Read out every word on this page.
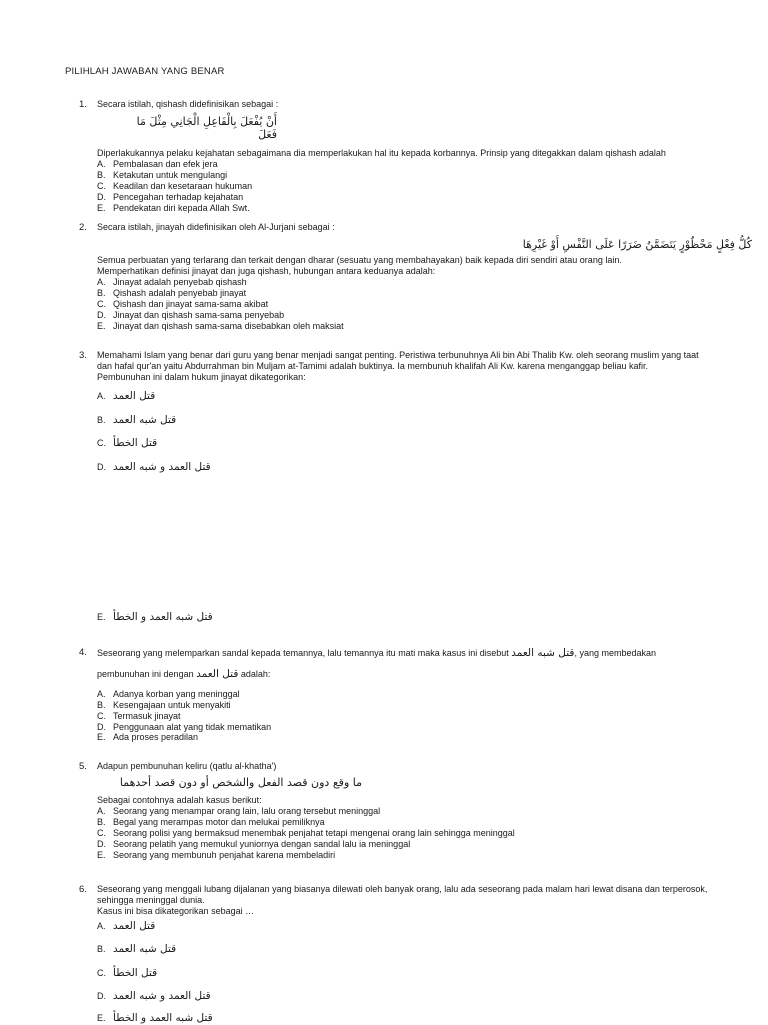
PILIHLAH JAWABAN YANG BENAR
1. Secara istilah, qishash didefinisikan sebagai :
أَنْ يُفْعَلَ بِالْفَاعِلِ الْجَانِي مِثْلَ مَا فَعَلَ
Diperlakukannya pelaku kejahatan sebagaimana dia memperlakukan hal itu kepada korbannya. Prinsip yang ditegakkan dalam qishash adalah
A. Pembalasan dan efek jera
B. Ketakutan untuk mengulangi
C. Keadilan dan kesetaraan hukuman
D. Pencegahan terhadap kejahatan
E. Pendekatan diri kepada Allah Swt.
2. Secara istilah, jinayah didefinisikan oleh Al-Jurjani sebagai :
كُلُّ فِعْلٍ مَحْظُوْرٍ يَتَضَمَّنُ ضَرَرًا عَلَى النَّفْسِ أَوْ غَيْرِهَا
Semua perbuatan yang terlarang dan terkait dengan dharar (sesuatu yang membahayakan) baik kepada diri sendiri atau orang lain.
Memperhatikan definisi jinayat dan juga qishash, hubungan antara keduanya adalah:
A. Jinayat adalah penyebab qishash
B. Qishash adalah penyebab jinayat
C. Qishash dan jinayat sama-sama akibat
D. Jinayat dan qishash sama-sama penyebab
E. Jinayat dan qishash sama-sama disebabkan oleh maksiat
3. Memahami Islam yang benar dari guru yang benar menjadi sangat penting. Peristiwa terbunuhnya Ali bin Abi Thalib Kw. oleh seorang muslim yang taat
dan hafal qur'an yaitu Abdurrahman bin Muljam at-Tamimi adalah buktinya. Ia membunuh khalifah Ali Kw. karena menganggap beliau kafir.
Pembunuhan ini dalam hukum jinayat dikategorikan:
A. قتل العمد
B. قتل شبه العمد
C. قتل الخطأ
D. قتل العمد و شبه العمد
E. قتل شبه العمد و الخطأ
4. Seseorang yang melemparkan sandal kepada temannya, lalu temannya itu mati maka kasus ini disebut قتل شبه العمد, yang membedakan
pembunuhan ini dengan قتل العمد adalah:
A. Adanya korban yang meninggal
B. Kesengajaan untuk menyakiti
C. Termasuk jinayat
D. Penggunaan alat yang tidak mematikan
E. Ada proses peradilan
5. Adapun pembunuhan keliru (qatlu al-khatha')
ما وقع دون قصد الفعل والشخص أو دون قصد أحدهما
Sebagai contohnya adalah kasus berikut:
A. Seorang yang menampar orang lain, lalu orang tersebut meninggal
B. Begal yang merampas motor dan melukai pemiliknya
C. Seorang polisi yang bermaksud menembak penjahat tetapi mengenai orang lain sehingga meninggal
D. Seorang pelatih yang memukul yuniornya dengan sandal lalu ia meninggal
E. Seorang yang membunuh penjahat karena membeladiri
6. Seseorang yang menggali lubang dijalanan yang biasanya dilewati oleh banyak orang, lalu ada seseorang pada malam hari lewat disana dan terperosok,
sehingga meninggal dunia.
Kasus ini bisa dikategorikan sebagai …
A. قتل العمد
B. قتل شبه العمد
C. قتل الخطأ
D. قتل العمد و شبه العمد
E. قتل شبه العمد و الخطأ
